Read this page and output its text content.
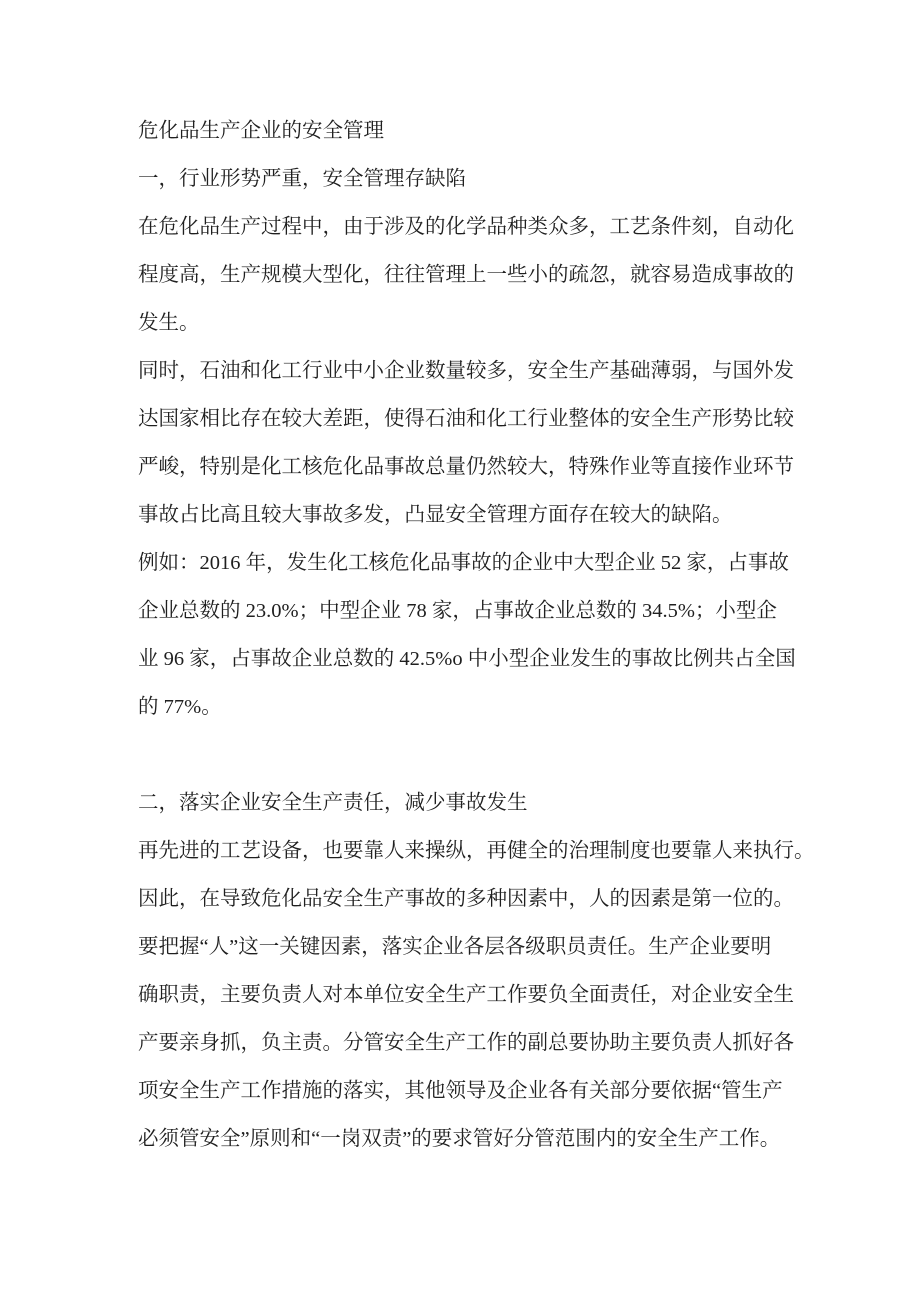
危化品生产企业的安全管理
一，行业形势严重，安全管理存缺陷
在危化品生产过程中，由于涉及的化学品种类众多，工艺条件刻，自动化
程度高，生产规模大型化，往往管理上一些小的疏忽，就容易造成事故的
发生。
同时，石油和化工行业中小企业数量较多，安全生产基础薄弱，与国外发
达国家相比存在较大差距，使得石油和化工行业整体的安全生产形势比较
严峻，特别是化工核危化品事故总量仍然较大，特殊作业等直接作业环节
事故占比高且较大事故多发，凸显安全管理方面存在较大的缺陷。
例如：2016 年，发生化工核危化品事故的企业中大型企业 52 家，占事故
企业总数的 23.0%；中型企业 78 家，占事故企业总数的 34.5%；小型企
业 96 家，占事故企业总数的 42.5%o 中小型企业发生的事故比例共占全国
的 77%。
二，落实企业安全生产责任，减少事故发生
再先进的工艺设备，也要靠人来操纵，再健全的治理制度也要靠人来执行。
因此，在导致危化品安全生产事故的多种因素中，人的因素是第一位的。
要把握“人”这一关键因素，落实企业各层各级职员责任。生产企业要明
确职责，主要负责人对本单位安全生产工作要负全面责任，对企业安全生
产要亲身抓，负主责。分管安全生产工作的副总要协助主要负责人抓好各
项安全生产工作措施的落实，其他领导及企业各有关部分要依据“管生产
必须管安全”原则和“一岗双责”的要求管好分管范围内的安全生产工作。
